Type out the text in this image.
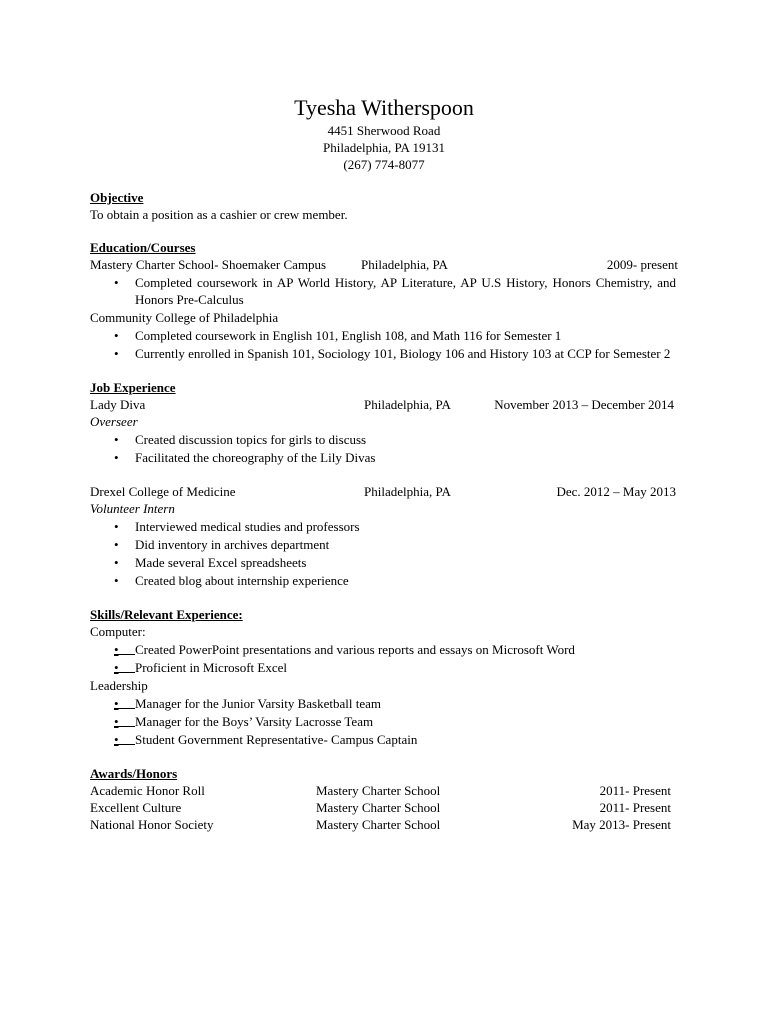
Tyesha Witherspoon
4451 Sherwood Road
Philadelphia, PA 19131
(267) 774-8077
Objective
To obtain a position as a cashier or crew member.
Education/Courses
Mastery Charter School- Shoemaker Campus	Philadelphia, PA	2009- present
• Completed coursework in AP World History, AP Literature, AP U.S History, Honors Chemistry, and Honors Pre-Calculus
Community College of Philadelphia
• Completed coursework in English 101, English 108, and Math 116 for Semester 1
• Currently enrolled in Spanish 101, Sociology 101, Biology 106 and History 103 at CCP for Semester 2
Job Experience
Lady Diva	Philadelphia, PA	November 2013 – December 2014
Overseer
• Created discussion topics for girls to discuss
• Facilitated the choreography of the Lily Divas
Drexel College of Medicine	Philadelphia, PA	Dec. 2012 – May 2013
Volunteer Intern
• Interviewed medical studies and professors
• Did inventory in archives department
• Made several Excel spreadsheets
• Created blog about internship experience
Skills/Relevant Experience:
Computer:
•	Created PowerPoint presentations and various reports and essays on Microsoft Word
•	Proficient in Microsoft Excel
Leadership
•	Manager for the Junior Varsity Basketball team
•	Manager for the Boys’ Varsity Lacrosse Team
•	Student Government Representative- Campus Captain
Awards/Honors
Academic Honor Roll	Mastery Charter School	2011- Present
Excellent Culture	Mastery Charter School	2011- Present
National Honor Society	Mastery Charter School	May 2013- Present
